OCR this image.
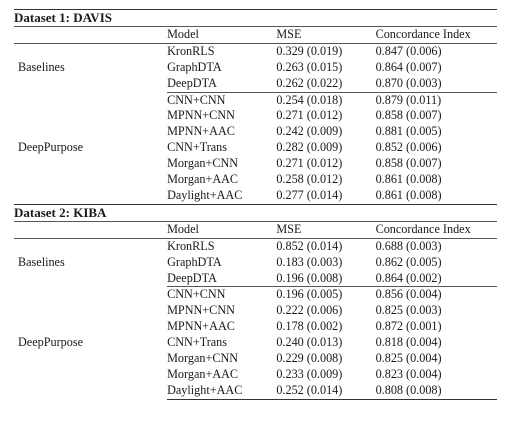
Dataset 1: DAVIS			
	Model	MSE	Concordance Index
Baselines	KronRLS	0.329 (0.019)	0.847 (0.006)
	GraphDTA	0.263 (0.015)	0.864 (0.007)
	DeepDTA	0.262 (0.022)	0.870 (0.003)
DeepPurpose	CNN+CNN	0.254 (0.018)	0.879 (0.011)
	MPNN+CNN	0.271 (0.012)	0.858 (0.007)
	MPNN+AAC	0.242 (0.009)	0.881 (0.005)
	CNN+Trans	0.282 (0.009)	0.852 (0.006)
	Morgan+CNN	0.271 (0.012)	0.858 (0.007)
	Morgan+AAC	0.258 (0.012)	0.861 (0.008)
	Daylight+AAC	0.277 (0.014)	0.861 (0.008)
Dataset 2: KIBA			
	Model	MSE	Concordance Index
Baselines	KronRLS	0.852 (0.014)	0.688 (0.003)
	GraphDTA	0.183 (0.003)	0.862 (0.005)
	DeepDTA	0.196 (0.008)	0.864 (0.002)
DeepPurpose	CNN+CNN	0.196 (0.005)	0.856 (0.004)
	MPNN+CNN	0.222 (0.006)	0.825 (0.003)
	MPNN+AAC	0.178 (0.002)	0.872 (0.001)
	CNN+Trans	0.240 (0.013)	0.818 (0.004)
	Morgan+CNN	0.229 (0.008)	0.825 (0.004)
	Morgan+AAC	0.233 (0.009)	0.823 (0.004)
	Daylight+AAC	0.252 (0.014)	0.808 (0.008)
